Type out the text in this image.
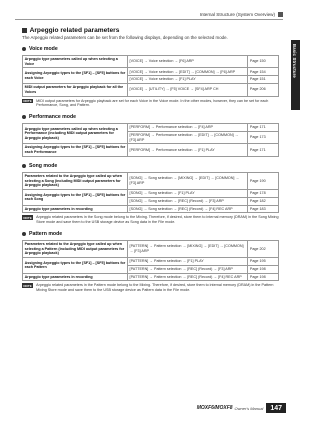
Internal Structure (System Overview)
Basic Structure
Arpeggio related parameters

The Arpeggio related parameters can be set from the following displays, depending on the selected mode.

Voice mode
Arpeggio type parameters called up when selecting a Voice	[VOICE] → Voice selection → [F6] ARP	Page 150
Assigning Arpeggio types to the [SF1] – [SF5] buttons for each Voice	[VOICE] → Voice selection → [EDIT] → [COMMON] → [F6] ARP	Page 154
	[VOICE] → Voice selection → [F1] PLAY	Page 151
MIDI output parameters for Arpeggio playback for all the Voices	[VOICE] → [UTILITY] → [F5] VOICE → [SF4] ARP CH	Page 206
NOTE	MIDI output parameters for Arpeggio playback are set for each Voice in the Voice mode. In the other modes, however, they can be set for each Performance, Song, and Pattern.
Performance mode
Arpeggio type parameters called up when selecting a Performance (including MIDI output parameters for Arpeggio playback)	[PERFORM] → Performance selection → [F4] ARP	Page 171
	[PERFORM] → Performance selection → [EDIT] → [COMMON] → [F3] ARP	Page 173
Assigning Arpeggio types to the [SF1] – [SF5] buttons for each Performance	[PERFORM] → Performance selection → [F1] PLAY	Page 171
Song mode
Parameters related to the Arpeggio type called up when selecting a Song (including MIDI output parameters for Arpeggio playback)	[SONG] → Song selection → [MIXING] → [EDIT] → [COMMON] → [F3] ARP	Page 190
Assigning Arpeggio types to the [SF1] – [SF5] buttons for each Song	[SONG] → Song selection → [F1] PLAY	Page 178
	[SONG] → Song selection → [REC] (Record) → [F3] ARP	Page 182
Arpeggio type parameters in recording	[SONG] → Song selection → [REC] (Record) → [F4] REC ARP	Page 183
NOTE	Arpeggio related parameters in the Song mode belong to the Mixing. Therefore, if desired, store them to internal memory (DRAM) in the Song Mixing Store mode and save them to the USB storage device as Song data in the File mode.
Pattern mode
Parameters related to the Arpeggio type called up when selecting a Pattern (including MIDI output parameters for Arpeggio playback)	[PATTERN] → Pattern selection → [MIXING] → [EDIT] → [COMMON] → [F3] ARP	Page 202
Assigning Arpeggio types to the [SF1] – [SF5] buttons for each Pattern	[PATTERN] → Pattern selection → [F1] PLAY	Page 195
	[PATTERN] → Pattern selection → [REC] (Record) → [F3] ARP	Page 198
Arpeggio type parameters in recording	[PATTERN] → Pattern selection → [REC] (Record) → [F4] REC ARP	Page 198
NOTE	Arpeggio related parameters in the Pattern mode belong to the Mixing. Therefore, if desired, store them to internal memory (DRAM) in the Pattern Mixing Store mode and save them to the USB storage device as Pattern data in the File mode.
MOXF6/MOXF8 Owner's Manual	147
